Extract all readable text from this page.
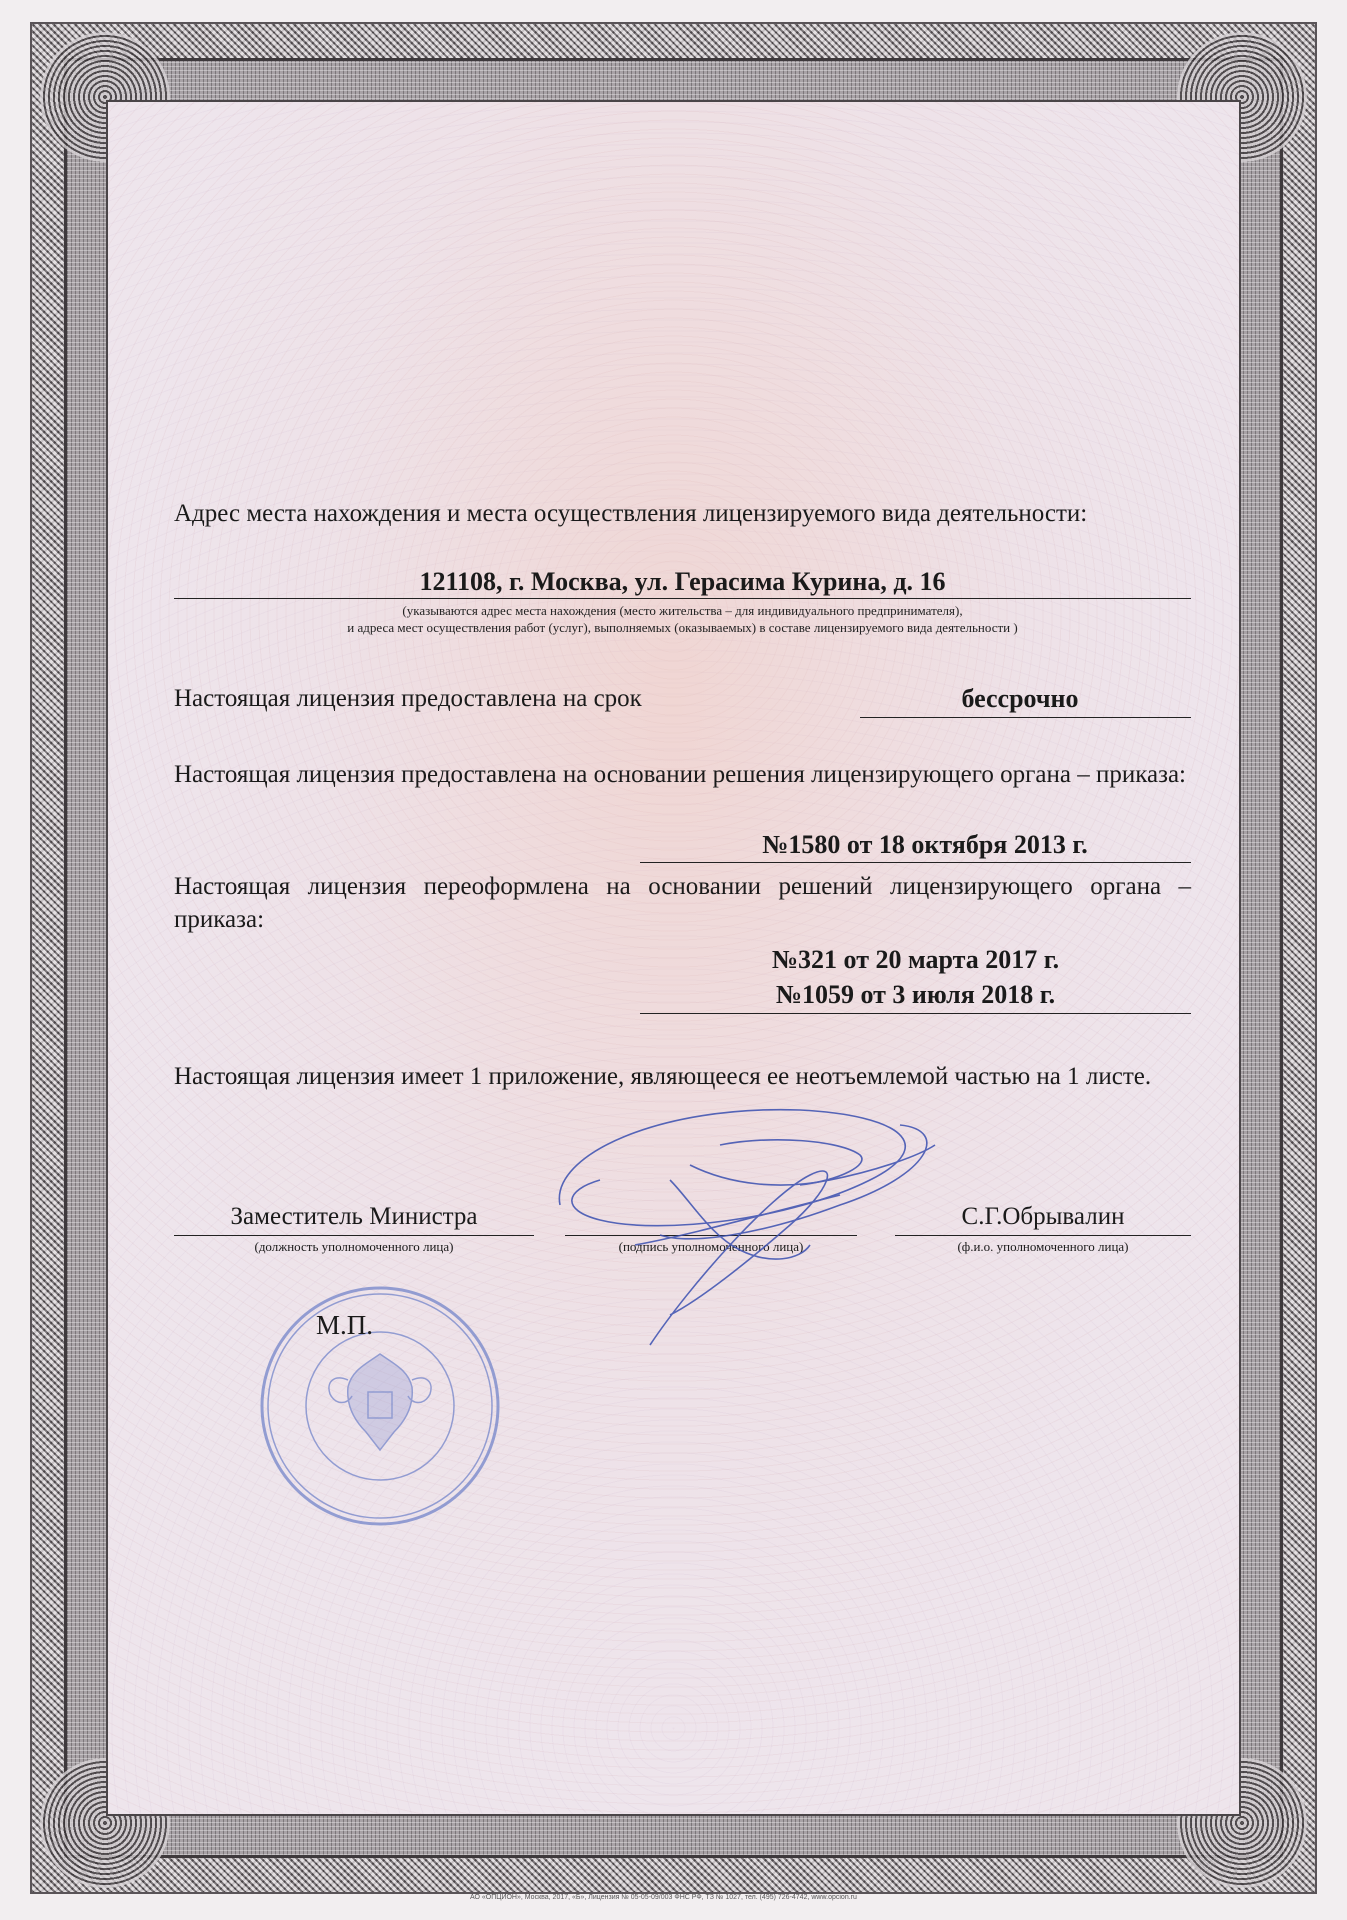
Адрес места нахождения и места осуществления лицензируемого вида деятельности:
121108, г. Москва, ул. Герасима Курина, д. 16
(указываются адрес места нахождения (место жительства – для индивидуального предпринимателя),
и адреса мест осуществления работ (услуг), выполняемых (оказываемых) в составе лицензируемого вида деятельности )
Настоящая лицензия предоставлена на срок	бессрочно
Настоящая лицензия предоставлена на основании решения лицензирующего органа – приказа:
№1580 от 18 октября 2013 г.
Настоящая лицензия переоформлена на основании решений лицензирующего органа – приказа:
№321 от 20 марта 2017 г.
№1059 от 3 июля 2018 г.
Настоящая лицензия имеет 1 приложение, являющееся ее неотъемлемой частью на 1 листе.
Заместитель Министра
(должность уполномоченного лица)	(подпись уполномоченного лица)
С.Г.Обрывалин
(ф.и.о. уполномоченного лица)
М.П.
АО «ОПЦИОН», Москва, 2017, «Б», Лицензия № 05-05-09/003 ФНС РФ, ТЗ № 1027, тел. (495) 726-4742, www.opcion.ru
